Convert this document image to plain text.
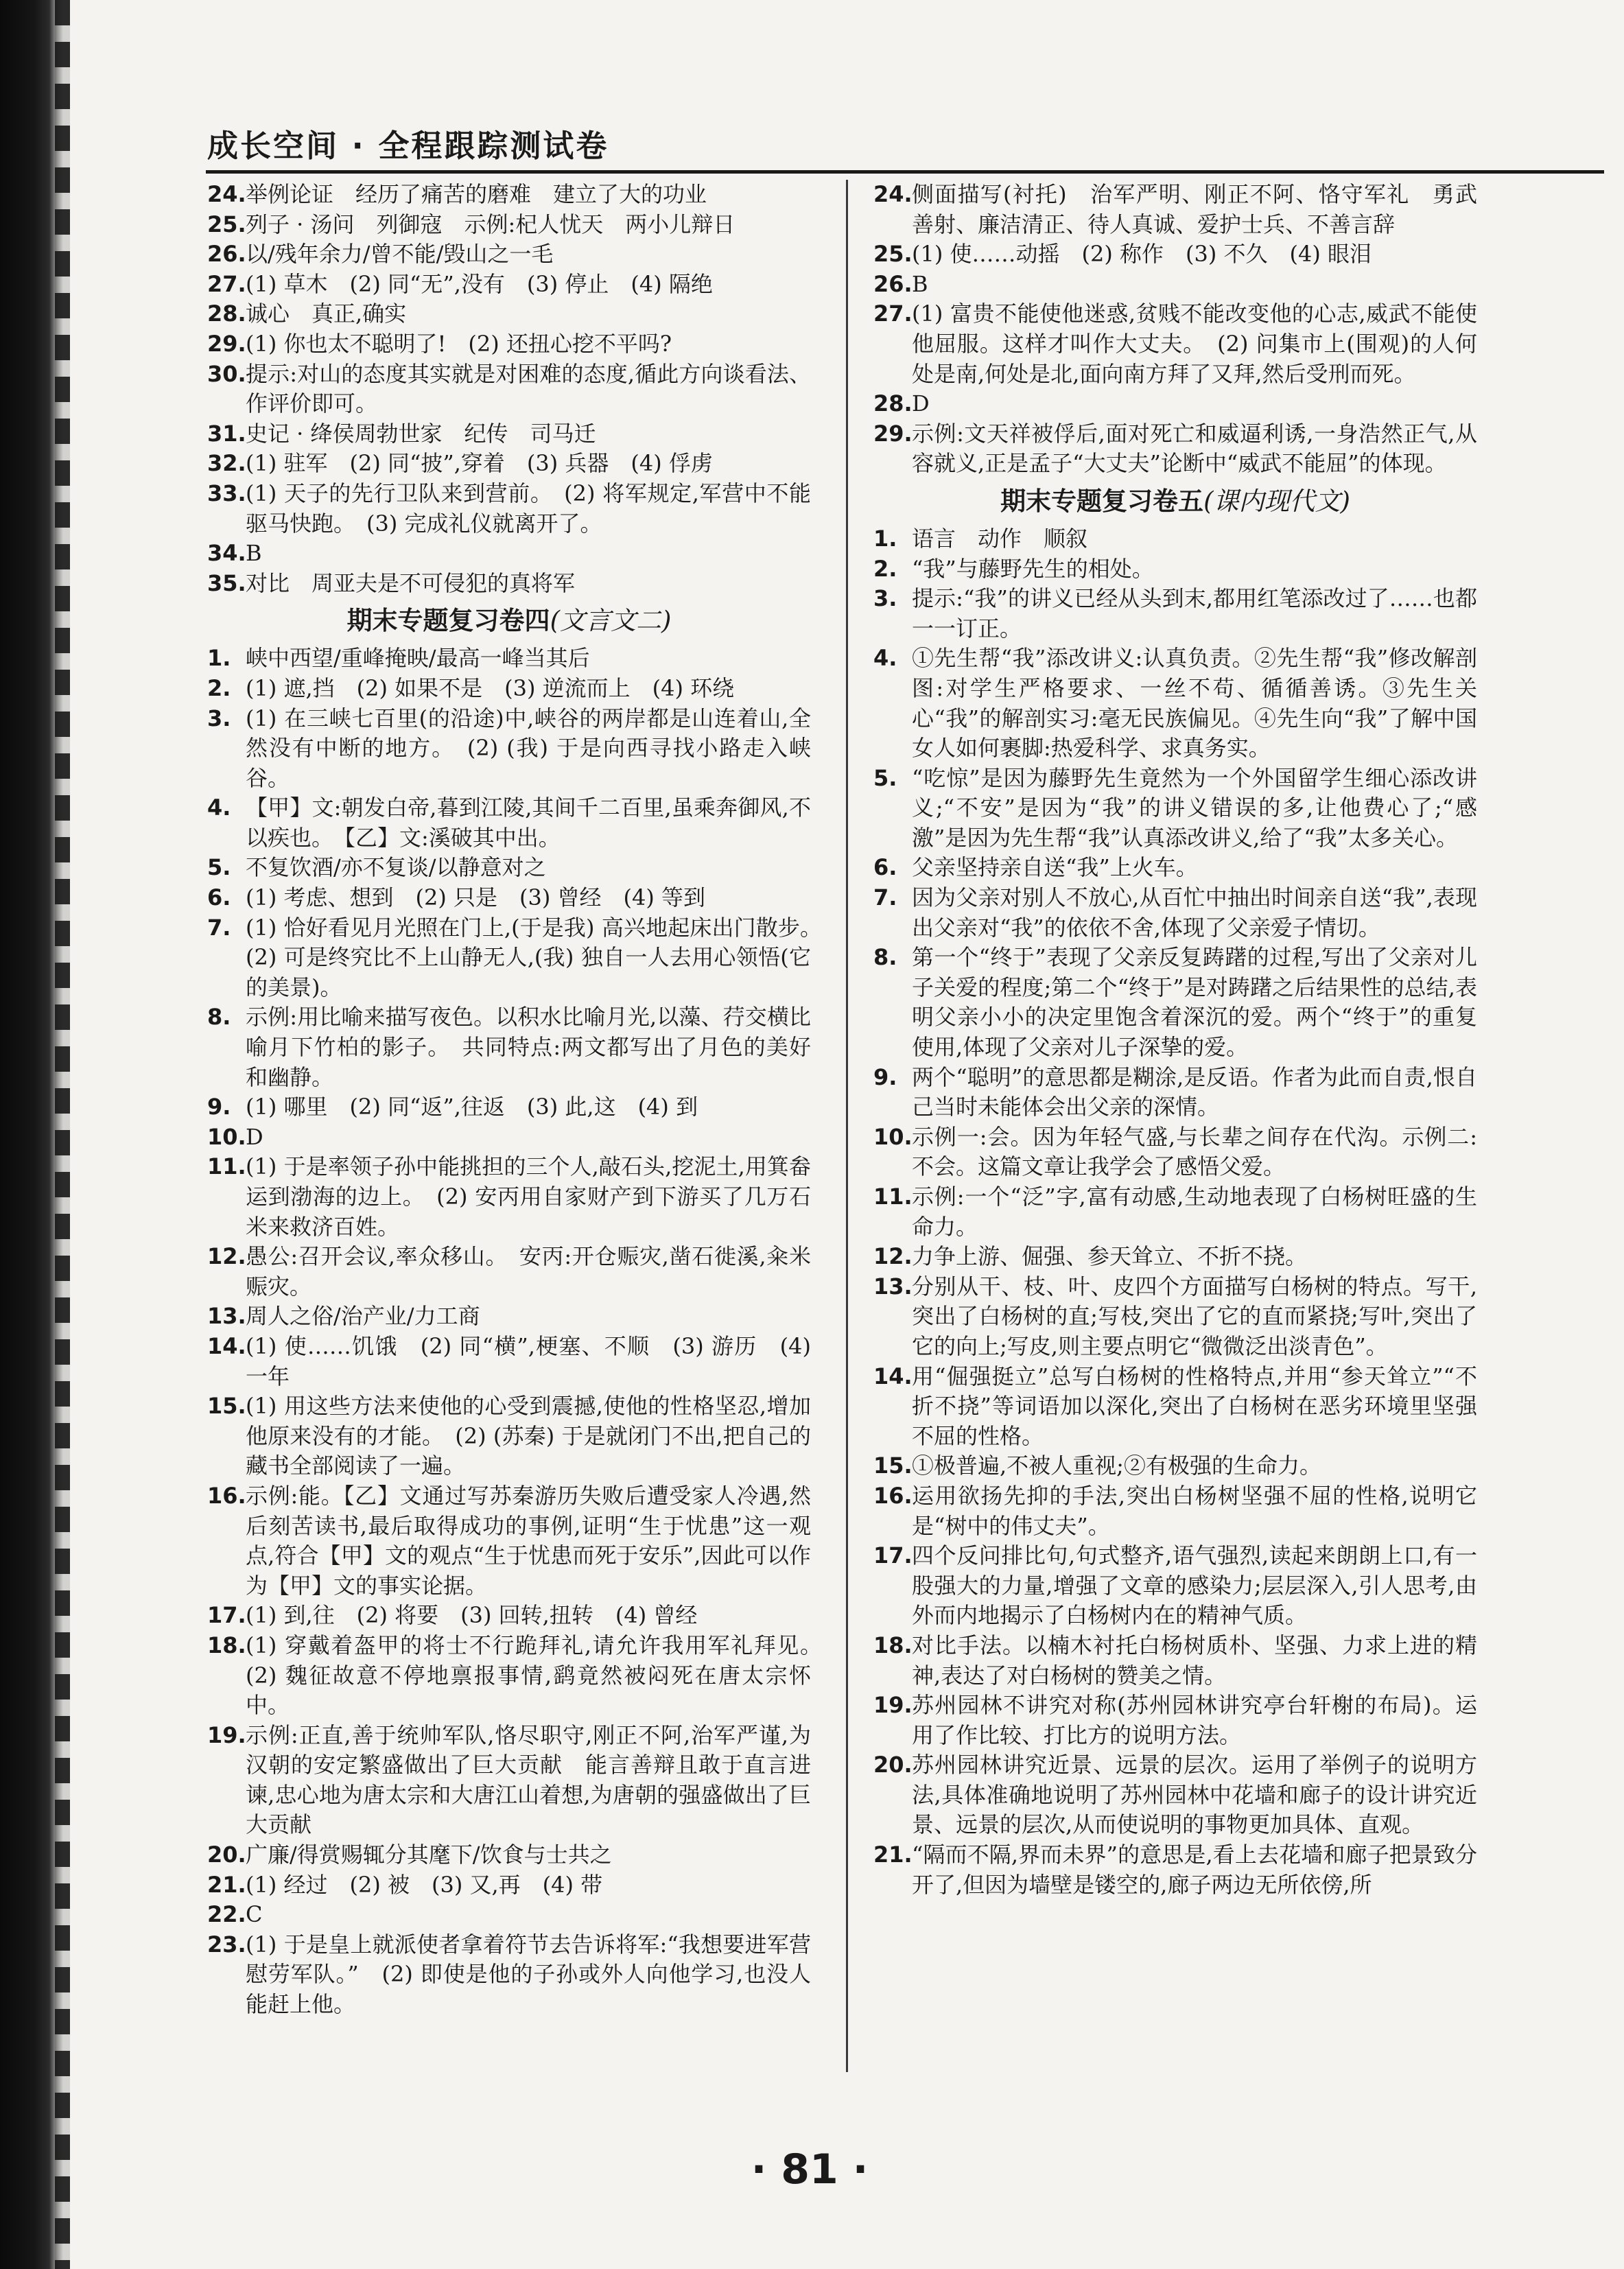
成长空间 · 全程跟踪测试卷
24. 举例论证　经历了痛苦的磨难　建立了大的功业
25. 列子 · 汤问　列御寇　示例:杞人忧天　两小儿辩日
26. 以/残年余力/曾不能/毁山之一毛
27. (1) 草木　(2) 同“无”,没有　(3) 停止　(4) 隔绝
28. 诚心　真正,确实
29. (1) 你也太不聪明了!　(2) 还扭心挖不平吗?
30. 提示:对山的态度其实就是对困难的态度,循此方向谈看法、作评价即可。
31. 史记 · 绛侯周勃世家　纪传　司马迁
32. (1) 驻军　(2) 同“披”,穿着　(3) 兵器　(4) 俘虏
33. (1) 天子的先行卫队来到营前。　(2) 将军规定,军营中不能驱马快跑。　(3) 完成礼仪就离开了。
34. B
35. 对比　周亚夫是不可侵犯的真将军
期末专题复习卷四(文言文二)
1. 峡中西望/重峰掩映/最高一峰当其后
2. (1) 遮,挡　(2) 如果不是　(3) 逆流而上　(4) 环绕
3. (1) 在三峡七百里(的沿途)中,峡谷的两岸都是山连着山,全然没有中断的地方。　(2) (我) 于是向西寻找小路走入峡谷。
4. 【甲】文:朝发白帝,暮到江陵,其间千二百里,虽乘奔御风,不以疾也。　【乙】文:溪破其中出。
5. 不复饮酒/亦不复谈/以静意对之
6. (1) 考虑、想到　(2) 只是　(3) 曾经　(4) 等到
7. (1) 恰好看见月光照在门上,(于是我) 高兴地起床出门散步。　(2) 可是终究比不上山静无人,(我) 独自一人去用心领悟(它的美景)。
8. 示例:用比喻来描写夜色。以积水比喻月光,以藻、荇交横比喻月下竹柏的影子。　共同特点:两文都写出了月色的美好和幽静。
9. (1) 哪里　(2) 同“返”,往返　(3) 此,这　(4) 到
10. D
11. (1) 于是率领子孙中能挑担的三个人,敲石头,挖泥土,用箕畚运到渤海的边上。　(2) 安丙用自家财产到下游买了几万石米来救济百姓。
12. 愚公:召开会议,率众移山。　安丙:开仓赈灾,凿石徙溪,籴米赈灾。
13. 周人之俗/治产业/力工商
14. (1) 使……饥饿　(2) 同“横”,梗塞、不顺　(3) 游历　(4) 一年
15. (1) 用这些方法来使他的心受到震撼,使他的性格坚忍,增加他原来没有的才能。　(2) (苏秦) 于是就闭门不出,把自己的藏书全部阅读了一遍。
16. 示例:能。【乙】文通过写苏秦游历失败后遭受家人冷遇,然后刻苦读书,最后取得成功的事例,证明“生于忧患”这一观点,符合【甲】文的观点“生于忧患而死于安乐”,因此可以作为【甲】文的事实论据。
17. (1) 到,往　(2) 将要　(3) 回转,扭转　(4) 曾经
18. (1) 穿戴着盔甲的将士不行跪拜礼,请允许我用军礼拜见。　(2) 魏征故意不停地禀报事情,鹞竟然被闷死在唐太宗怀中。
19. 示例:正直,善于统帅军队,恪尽职守,刚正不阿,治军严谨,为汉朝的安定繁盛做出了巨大贡献　能言善辩且敢于直言进谏,忠心地为唐太宗和大唐江山着想,为唐朝的强盛做出了巨大贡献
20. 广廉/得赏赐辄分其麾下/饮食与士共之
21. (1) 经过　(2) 被　(3) 又,再　(4) 带
22. C
23. (1) 于是皇上就派使者拿着符节去告诉将军:“我想要进军营慰劳军队。”　(2) 即使是他的子孙或外人向他学习,也没人能赶上他。
24. 侧面描写(衬托)　治军严明、刚正不阿、恪守军礼　勇武善射、廉洁清正、待人真诚、爱护士兵、不善言辞
25. (1) 使……动摇　(2) 称作　(3) 不久　(4) 眼泪
26. B
27. (1) 富贵不能使他迷惑,贫贱不能改变他的心志,威武不能使他屈服。这样才叫作大丈夫。　(2) 问集市上(围观)的人何处是南,何处是北,面向南方拜了又拜,然后受刑而死。
28. D
29. 示例:文天祥被俘后,面对死亡和威逼利诱,一身浩然正气,从容就义,正是孟子“大丈夫”论断中“威武不能屈”的体现。
期末专题复习卷五(课内现代文)
1. 语言　动作　顺叙
2. “我”与藤野先生的相处。
3. 提示:“我”的讲义已经从头到末,都用红笔添改过了……也都一一订正。
4. ①先生帮“我”添改讲义:认真负责。②先生帮“我”修改解剖图:对学生严格要求、一丝不苟、循循善诱。③先生关心“我”的解剖实习:毫无民族偏见。④先生向“我”了解中国女人如何裹脚:热爱科学、求真务实。
5. “吃惊”是因为藤野先生竟然为一个外国留学生细心添改讲义;“不安”是因为“我”的讲义错误的多,让他费心了;“感激”是因为先生帮“我”认真添改讲义,给了“我”太多关心。
6. 父亲坚持亲自送“我”上火车。
7. 因为父亲对别人不放心,从百忙中抽出时间亲自送“我”,表现出父亲对“我”的依依不舍,体现了父亲爱子情切。
8. 第一个“终于”表现了父亲反复踌躇的过程,写出了父亲对儿子关爱的程度;第二个“终于”是对踌躇之后结果性的总结,表明父亲小小的决定里饱含着深沉的爱。两个“终于”的重复使用,体现了父亲对儿子深挚的爱。
9. 两个“聪明”的意思都是糊涂,是反语。作者为此而自责,恨自己当时未能体会出父亲的深情。
10. 示例一:会。因为年轻气盛,与长辈之间存在代沟。示例二:不会。这篇文章让我学会了感悟父爱。
11. 示例:一个“泛”字,富有动感,生动地表现了白杨树旺盛的生命力。
12. 力争上游、倔强、参天耸立、不折不挠。
13. 分别从干、枝、叶、皮四个方面描写白杨树的特点。写干,突出了白杨树的直;写枝,突出了它的直而紧挠;写叶,突出了它的向上;写皮,则主要点明它“微微泛出淡青色”。
14. 用“倔强挺立”总写白杨树的性格特点,并用“参天耸立”“不折不挠”等词语加以深化,突出了白杨树在恶劣环境里坚强不屈的性格。
15. ①极普遍,不被人重视;②有极强的生命力。
16. 运用欲扬先抑的手法,突出白杨树坚强不屈的性格,说明它是“树中的伟丈夫”。
17. 四个反问排比句,句式整齐,语气强烈,读起来朗朗上口,有一股强大的力量,增强了文章的感染力;层层深入,引人思考,由外而内地揭示了白杨树内在的精神气质。
18. 对比手法。以楠木衬托白杨树质朴、坚强、力求上进的精神,表达了对白杨树的赞美之情。
19. 苏州园林不讲究对称(苏州园林讲究亭台轩榭的布局)。运用了作比较、打比方的说明方法。
20. 苏州园林讲究近景、远景的层次。运用了举例子的说明方法,具体准确地说明了苏州园林中花墙和廊子的设计讲究近景、远景的层次,从而使说明的事物更加具体、直观。
21. “隔而不隔,界而未界”的意思是,看上去花墙和廊子把景致分开了,但因为墙壁是镂空的,廊子两边无所依傍,所
· 81 ·
